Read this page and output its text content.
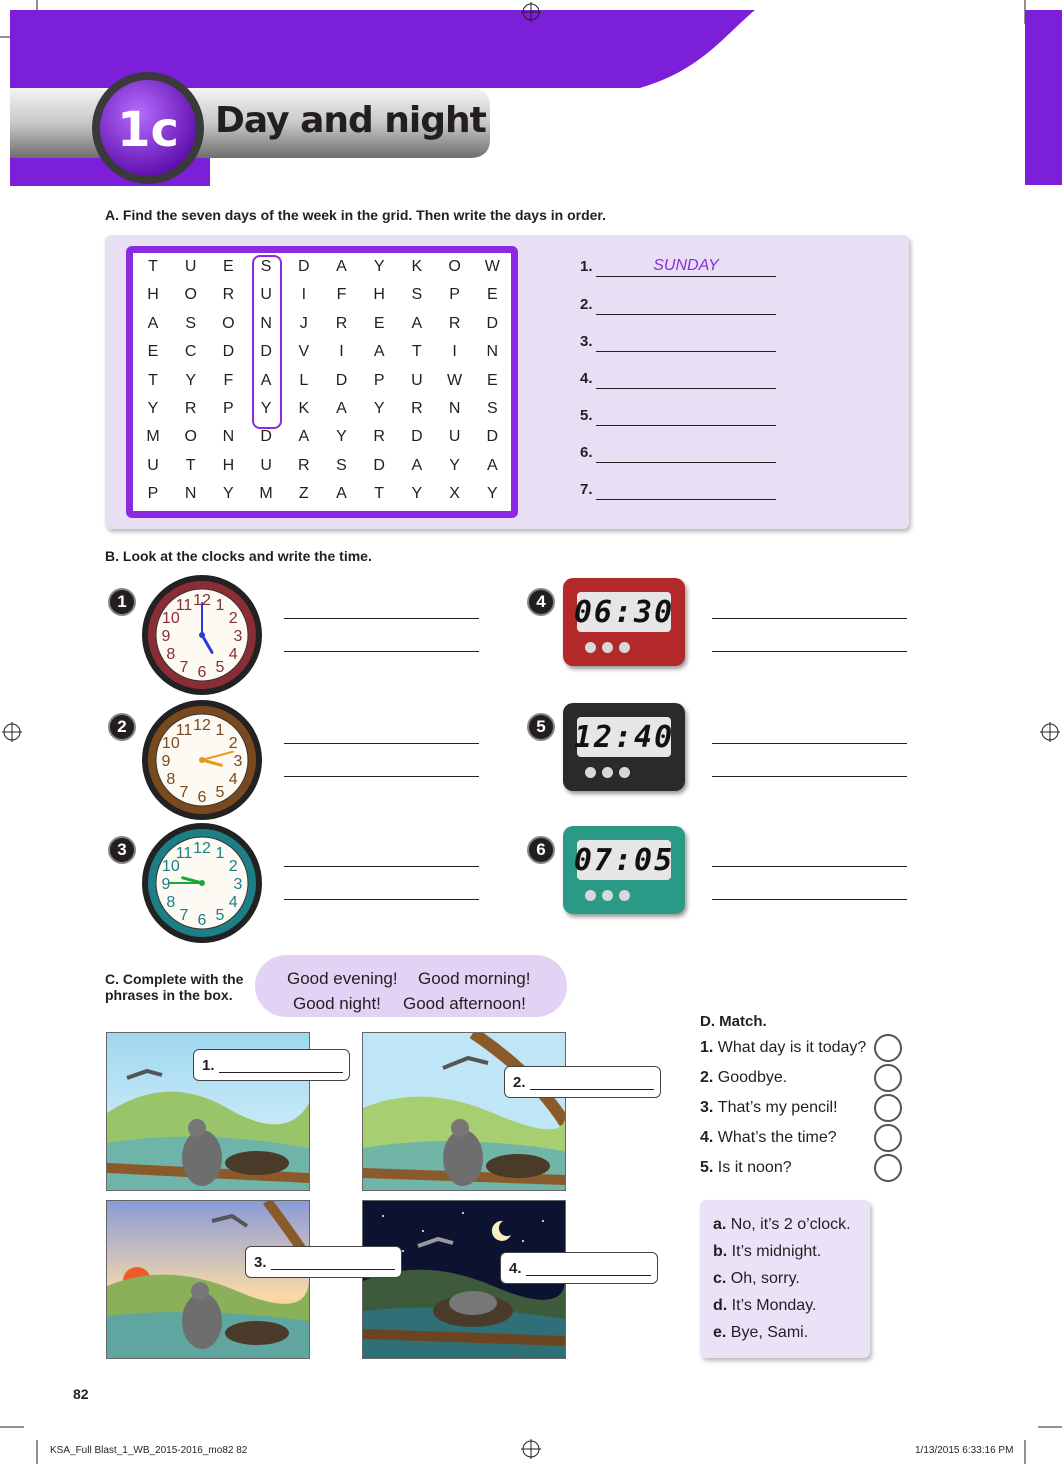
1c	Day and night
A. Find the seven days of the week in the grid. Then write the days in order.
T	U	E	S	D	A	Y	K	O	W
H	O	R	U	I	F	H	S	P	E
A	S	O	N	J	R	E	A	R	D
E	C	D	D	V	I	A	T	I	N
T	Y	F	A	L	D	P	U	W	E
Y	R	P	Y	K	A	Y	R	N	S
M	O	N	D	A	Y	R	D	U	D
U	T	H	U	R	S	D	A	Y	A
P	N	Y	M	Z	A	T	Y	X	Y
1.	SUNDAY
2.
3.
4.
5.
6.
7.
B. Look at the clocks and write the time.
1	12 1
2
3
4
5
6
7
8
9
10
11
2	12 1
2
3
4
5
6
7
8
9
10
11
3	12 1
2
3
4
5
6
7
8
9
10
11
4 06:30
5 12:40
6 07:05
C. Complete with the
phrases in the box.
Good evening! Good morning!
Good night! Good afternoon!
1.
2.
3.	4.
D. Match.
1. What day is it today?
2. Goodbye.
3. That’s my pencil!
4. What’s the time?
5. Is it noon?
a. No, it’s 2 o’clock.
b. It’s midnight.
c. Oh, sorry.
d. It’s Monday.
e. Bye, Sami.
82
KSA_Full Blast_1_WB_2015-2016_mo82 82	1/13/2015 6:33:16 PM
